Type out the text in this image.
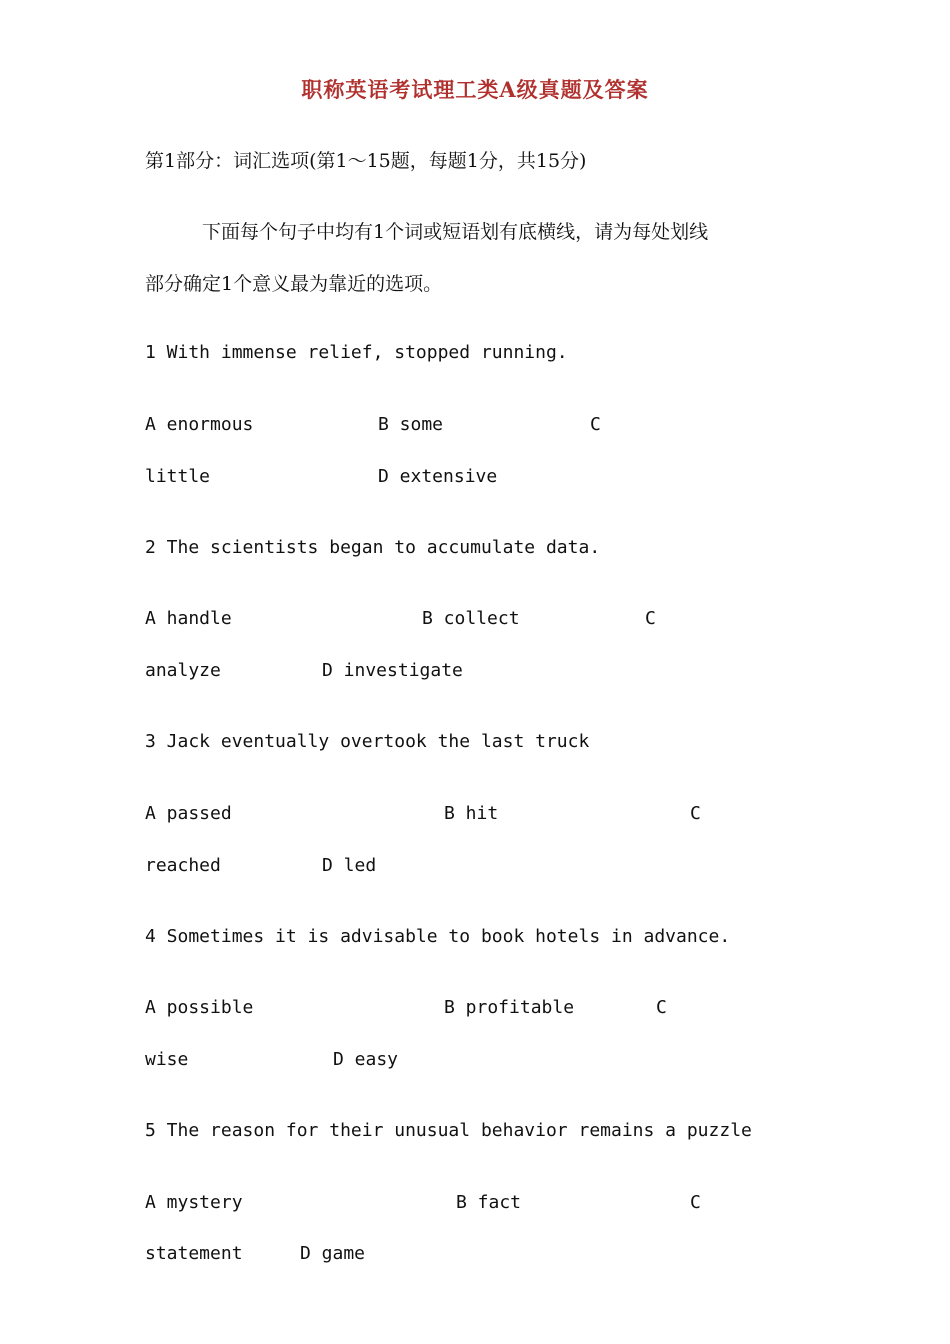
职称英语考试理工类A级真题及答案
第1部分：词汇选项(第1～15题，每题1分，共15分)
下面每个句子中均有1个词或短语划有底横线，请为每处划线
部分确定1个意义最为靠近的选项。
1 With immense relief, stopped running.
A enormous	B some	C
little	D extensive
2 The scientists began to accumulate data.
A handle	B collect	C
analyze	D investigate
3 Jack eventually overtook the last truck
A passed	B hit	C
reached	D led
4 Sometimes it is advisable to book hotels in advance.
A possible	B profitable	C
wise	D easy
5 The reason for their unusual behavior remains a puzzle
A mystery	B fact	C
statement	D game
